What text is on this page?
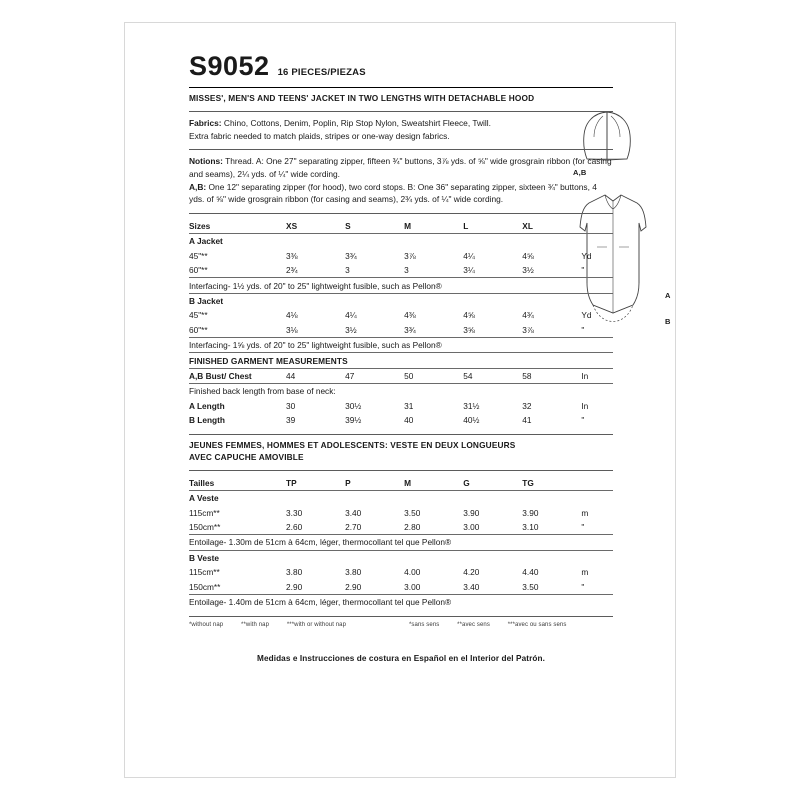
A,B
A
B
S9052 16 PIECES/PIEZAS
MISSES', MEN'S AND TEENS' JACKET IN TWO LENGTHS WITH DETACHABLE HOOD

Fabrics: Chino, Cottons, Denim, Poplin, Rip Stop Nylon, Sweatshirt Fleece, Twill.

Extra fabric needed to match plaids, stripes or one-way design fabrics.

Notions: Thread. A: One 27" separating zipper, fifteen ¾" buttons, 3⅞ yds. of ⅝" wide grosgrain ribbon (for casing and seams), 2¼ yds. of ¼" wide cording.

A,B: One 12" separating zipper (for hood), two cord stops. B: One 36" separating zipper, sixteen ¾" buttons, 4 yds. of ⅝" wide grosgrain ribbon (for casing and seams), 2¾ yds. of ¼" wide cording.

Sizes	XS	S	M	L	XL	
A Jacket						
45"**	3⅜	3¾	3⅞	4¼	4⅝	Yd
60"**	2¾	3	3	3¼	3½	"
Interfacing- 1½ yds. of 20" to 25" lightweight fusible, such as Pellon®						
B Jacket						
45"**	4⅛	4¼	4⅜	4⅝	4¾	Yd
60"**	3⅛	3½	3¾	3⅝	3⅞	"
Interfacing- 1⅝ yds. of 20" to 25" lightweight fusible, such as Pellon®						
FINISHED GARMENT MEASUREMENTS						
A,B Bust/ Chest	44	47	50	54	58	In
Finished back length from base of neck:						
A Length	30	30½	31	31½	32	In
B Length	39	39½	40	40½	41	"
JEUNES FEMMES, HOMMES ET ADOLESCENTS: VESTE EN DEUX LONGUEURS
AVEC CAPUCHE AMOVIBLE
Tailles	TP	P	M	G	TG	
A Veste						
115cm**	3.30	3.40	3.50	3.90	3.90	m
150cm**	2.60	2.70	2.80	3.00	3.10	"
Entoilage- 1.30m de 51cm à 64cm, léger, thermocollant tel que Pellon®						
B Veste						
115cm**	3.80	3.80	4.00	4.20	4.40	m
150cm**	2.90	2.90	3.00	3.40	3.50	"
Entoilage- 1.40m de 51cm à 64cm, léger, thermocollant tel que Pellon®						
*without nap	**with nap	***with or without nap	*sans sens	**avec sens	***avec ou sans sens
Medidas e Instrucciones de costura en Español en el Interior del Patrón.
